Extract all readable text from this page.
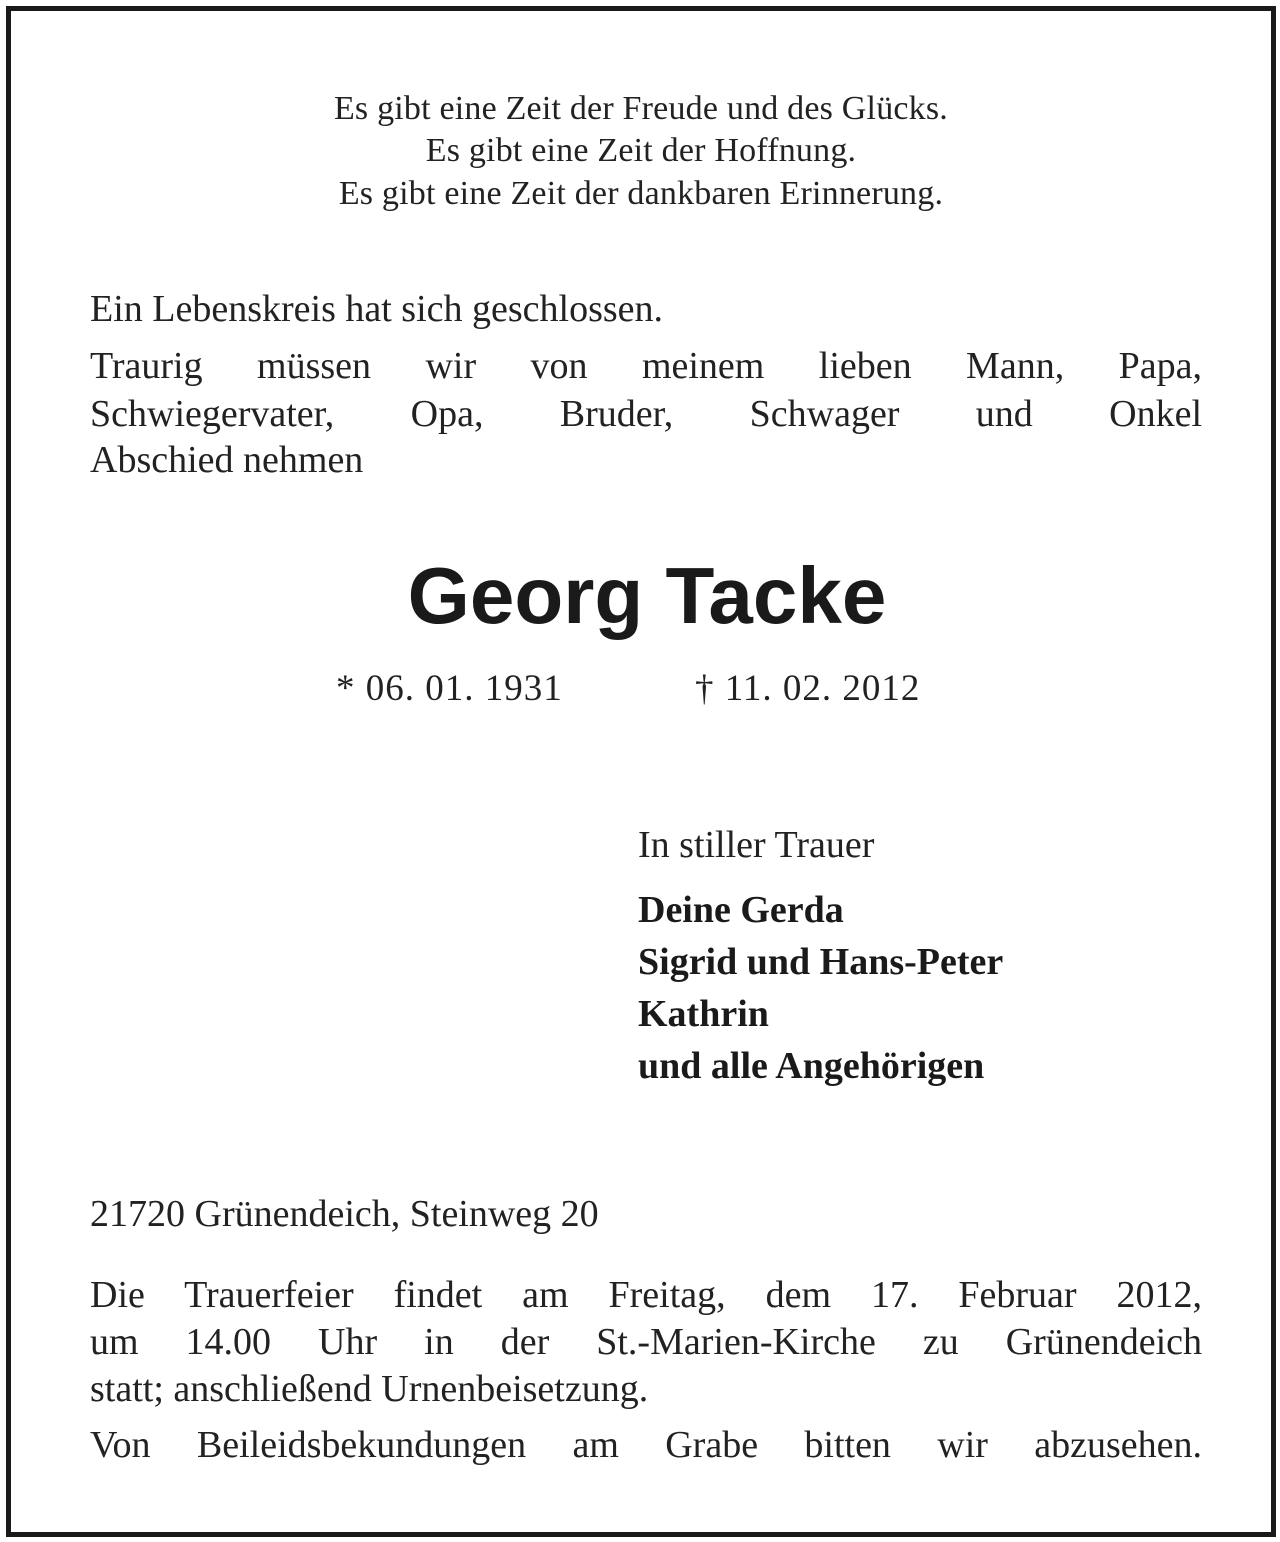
Es gibt eine Zeit der Freude und des Glücks.
Es gibt eine Zeit der Hoffnung.
Es gibt eine Zeit der dankbaren Erinnerung.
Ein Lebenskreis hat sich geschlossen.
Traurig müssen wir von meinem lieben Mann, Papa,
Schwiegervater, Opa, Bruder, Schwager und Onkel
Abschied nehmen
Georg Tacke
* 06. 01. 1931	† 11. 02. 2012
In stiller Trauer
Deine Gerda
Sigrid und Hans-Peter
Kathrin
und alle Angehörigen
21720 Grünendeich, Steinweg 20
Die Trauerfeier findet am Freitag, dem 17. Februar 2012,
um 14.00 Uhr in der St.-Marien-Kirche zu Grünendeich
statt; anschließend Urnenbeisetzung.
Von Beileidsbekundungen am Grabe bitten wir abzusehen.
